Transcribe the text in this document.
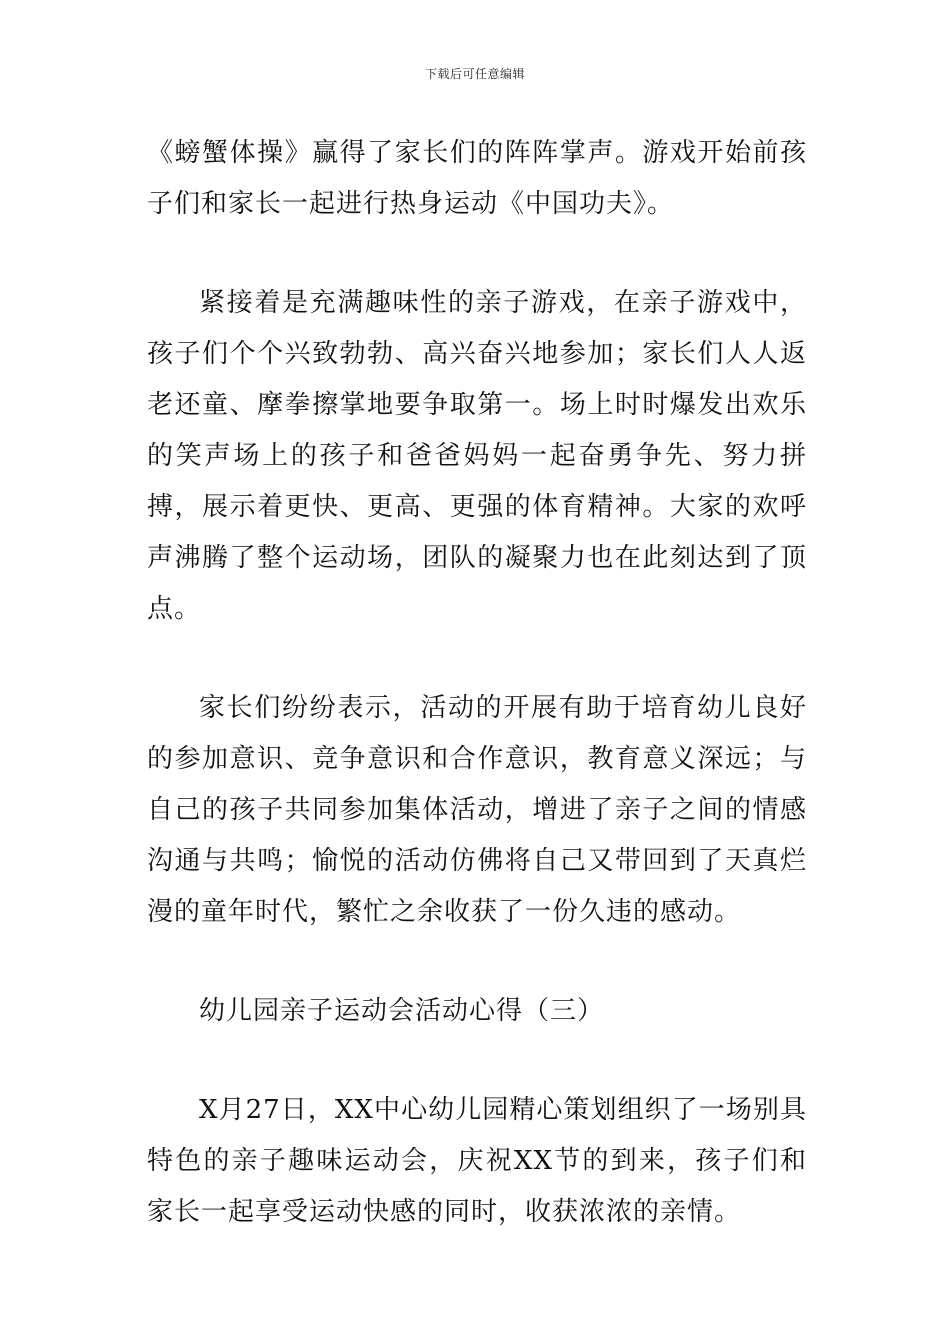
下载后可任意编辑

《螃蟹体操》赢得了家长们的阵阵掌声。游戏开始前孩子们和家长一起进行热身运动《中国功夫》。

紧接着是充满趣味性的亲子游戏，在亲子游戏中，孩子们个个兴致勃勃、高兴奋兴地参加；家长们人人返老还童、摩拳擦掌地要争取第一。场上时时爆发出欢乐的笑声场上的孩子和爸爸妈妈一起奋勇争先、努力拼搏，展示着更快、更高、更强的体育精神。大家的欢呼声沸腾了整个运动场，团队的凝聚力也在此刻达到了顶点。

家长们纷纷表示，活动的开展有助于培育幼儿良好的参加意识、竞争意识和合作意识，教育意义深远；与自己的孩子共同参加集体活动，增进了亲子之间的情感沟通与共鸣；愉悦的活动仿佛将自己又带回到了天真烂漫的童年时代，繁忙之余收获了一份久违的感动。

幼儿园亲子运动会活动心得（三）

X月27日，XX中心幼儿园精心策划组织了一场别具特色的亲子趣味运动会，庆祝XX节的到来，孩子们和家长一起享受运动快感的同时，收获浓浓的亲情。
